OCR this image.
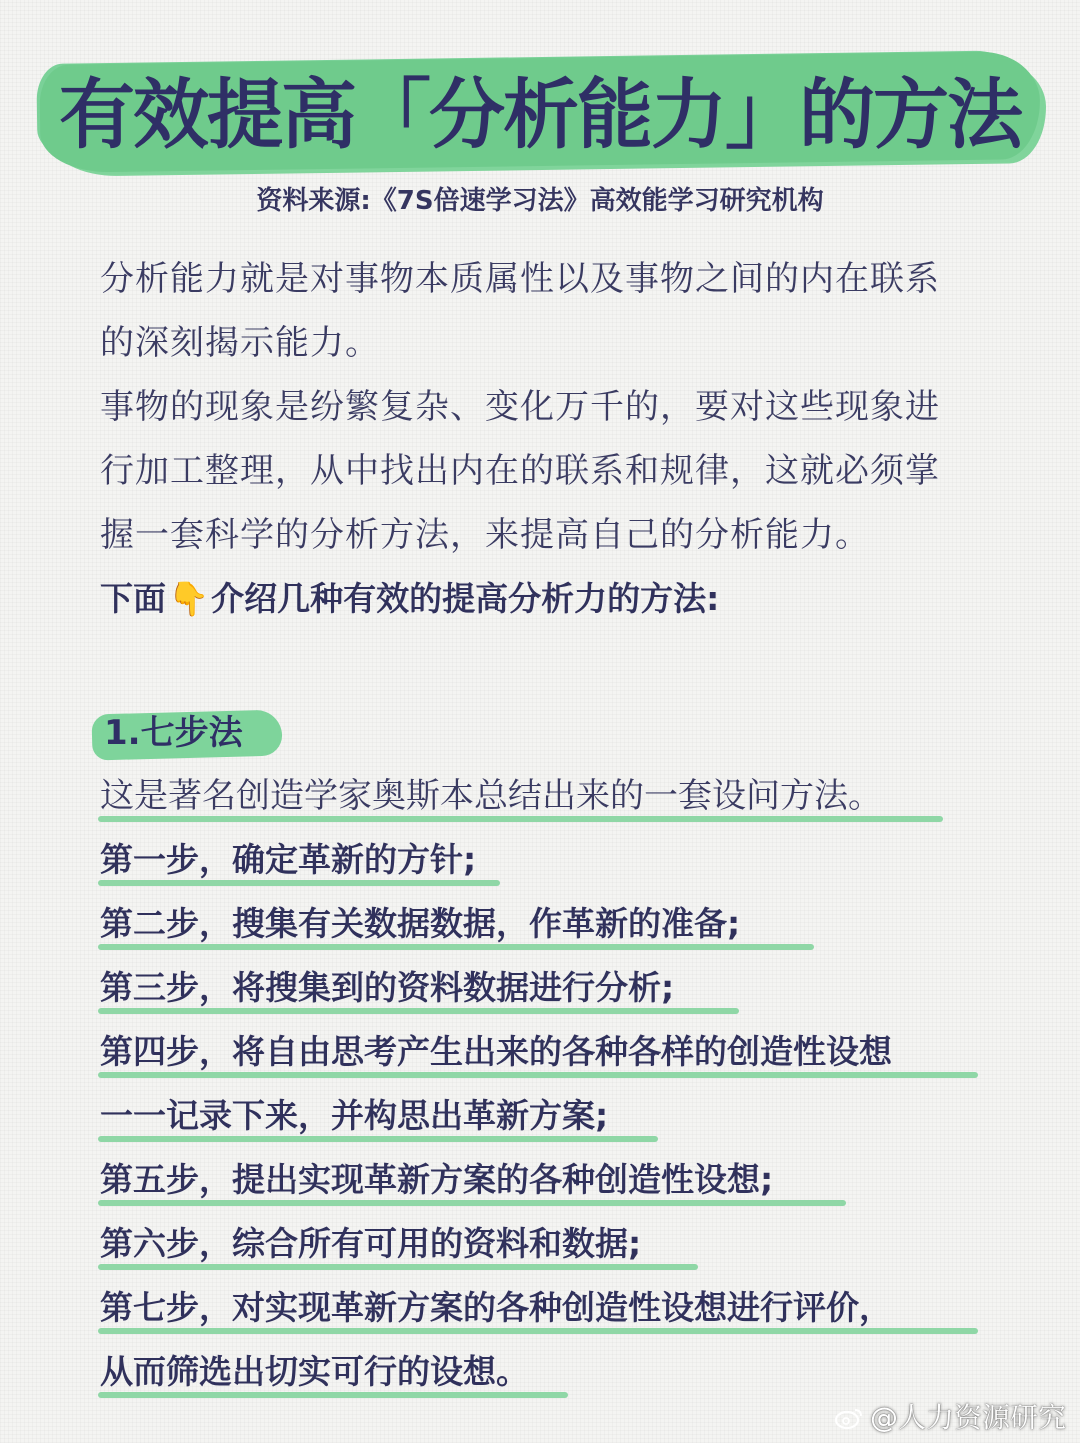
有效提高「分析能力」的方法
资料来源:《7S倍速学习法》高效能学习研究机构
分析能力就是对事物本质属性以及事物之间的内在联系
的深刻揭示能力。
事物的现象是纷繁复杂、变化万千的，要对这些现象进
行加工整理，从中找出内在的联系和规律，这就必须掌
握一套科学的分析方法，来提高自己的分析能力。
下面👇介绍几种有效的提高分析力的方法:
1.七步法
这是著名创造学家奥斯本总结出来的一套设问方法。
第一步，确定革新的方针;
第二步，搜集有关数据数据，作革新的准备;
第三步，将搜集到的资料数据进行分析;
第四步，将自由思考产生出来的各种各样的创造性设想
一一记录下来，并构思出革新方案;
第五步，提出实现革新方案的各种创造性设想;
第六步，综合所有可用的资料和数据;
第七步，对实现革新方案的各种创造性设想进行评价，
从而筛选出切实可行的设想。
@人力资源研究
